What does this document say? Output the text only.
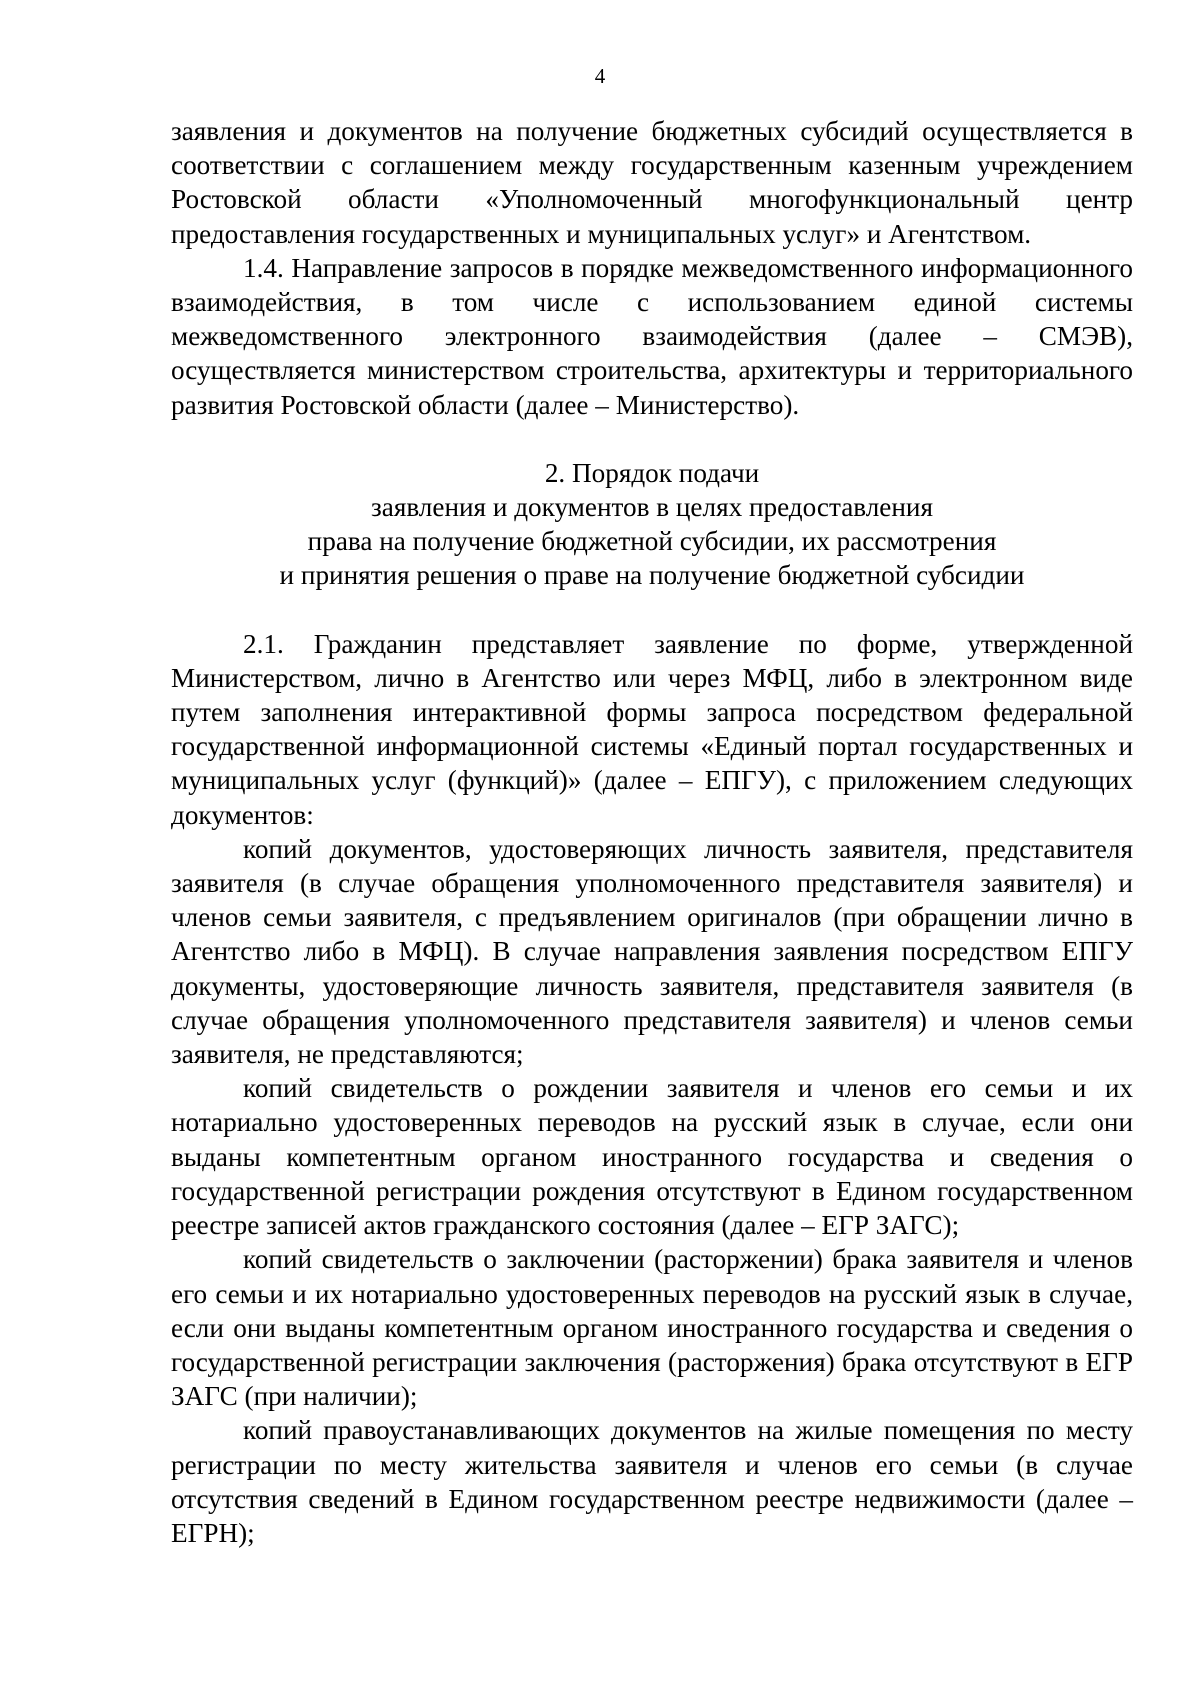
4

заявления и документов на получение бюджетных субсидий осуществляется в соответствии с соглашением между государственным казенным учреждением Ростовской области «Уполномоченный многофункциональный центр предоставления государственных и муниципальных услуг» и Агентством.

1.4. Направление запросов в порядке межведомственного информационного взаимодействия, в том числе с использованием единой системы межведомственного электронного взаимодействия (далее – СМЭВ), осуществляется министерством строительства, архитектуры и территориального развития Ростовской области (далее – Министерство).

2. Порядок подачи
заявления и документов в целях предоставления
права на получение бюджетной субсидии, их рассмотрения
и принятия решения о праве на получение бюджетной субсидии

2.1. Гражданин представляет заявление по форме, утвержденной Министерством, лично в Агентство или через МФЦ, либо в электронном виде путем заполнения интерактивной формы запроса посредством федеральной государственной информационной системы «Единый портал государственных и муниципальных услуг (функций)» (далее – ЕПГУ), с приложением следующих документов:

копий документов, удостоверяющих личность заявителя, представителя заявителя (в случае обращения уполномоченного представителя заявителя) и членов семьи заявителя, с предъявлением оригиналов (при обращении лично в Агентство либо в МФЦ). В случае направления заявления посредством ЕПГУ документы, удостоверяющие личность заявителя, представителя заявителя (в случае обращения уполномоченного представителя заявителя) и членов семьи заявителя, не представляются;

копий свидетельств о рождении заявителя и членов его семьи и их нотариально удостоверенных переводов на русский язык в случае, если они выданы компетентным органом иностранного государства и сведения о государственной регистрации рождения отсутствуют в Едином государственном реестре записей актов гражданского состояния (далее – ЕГР ЗАГС);

копий свидетельств о заключении (расторжении) брака заявителя и членов его семьи и их нотариально удостоверенных переводов на русский язык в случае, если они выданы компетентным органом иностранного государства и сведения о государственной регистрации заключения (расторжения) брака отсутствуют в ЕГР ЗАГС (при наличии);

копий правоустанавливающих документов на жилые помещения по месту регистрации по месту жительства заявителя и членов его семьи (в случае отсутствия сведений в Едином государственном реестре недвижимости (далее – ЕГРН);
